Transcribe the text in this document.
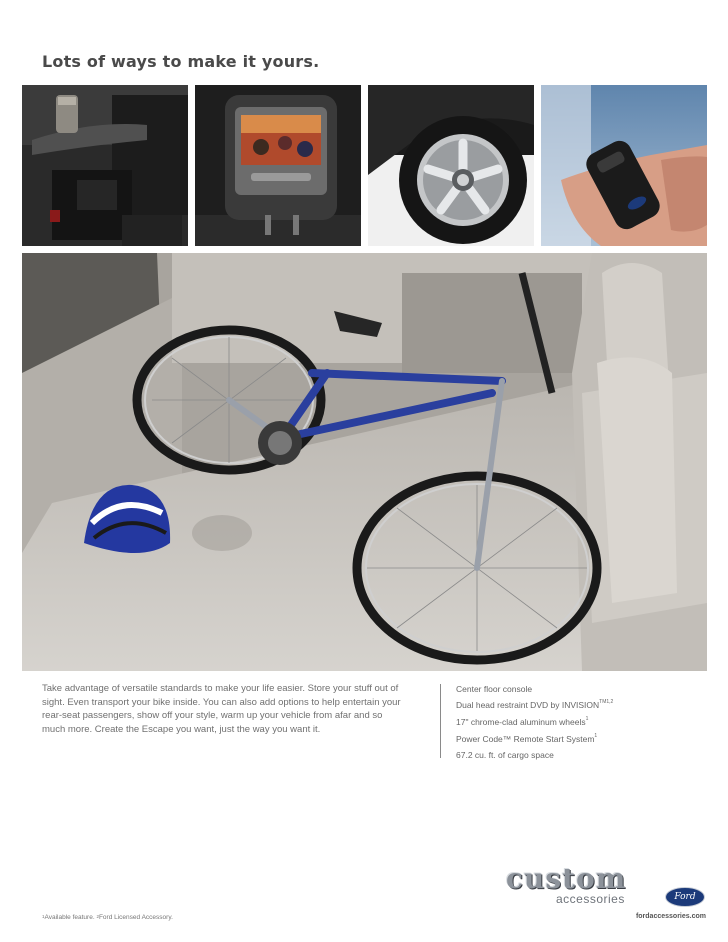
Lots of ways to make it yours.

Take advantage of versatile standards to make your life easier. Store your stuff out of sight. Even transport your bike inside. You can also add options to help entertain your rear-seat passengers, show off your style, warm up your vehicle from afar and so much more. Create the Escape you want, just the way you want it.

Center floor console
Dual head restraint DVD by $INVISION^{TM1,2}$
17" chrome-clad aluminum wheels$^1$
Power Code™ Remote Start System$^1$
67.2 cu. ft. of cargo space
custom
accessories	Ford
$^1$Available feature. $^2$Ford Licensed Accessory.	fordaccessories.com
